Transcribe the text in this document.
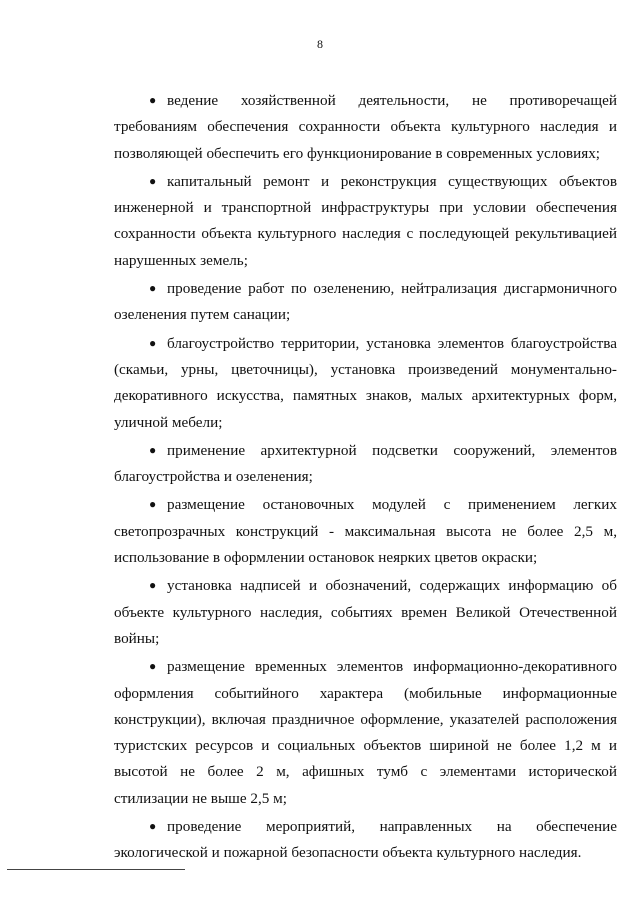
8

● ведение хозяйственной деятельности, не противоречащей требованиям обеспечения сохранности объекта культурного наследия и позволяющей обеспечить его функционирование в современных условиях;

● капитальный ремонт и реконструкция существующих объектов инженерной и транспортной инфраструктуры при условии обеспечения сохранности объекта культурного наследия с последующей рекультивацией нарушенных земель;

● проведение работ по озеленению, нейтрализация дисгармоничного озеленения путем санации;

● благоустройство территории, установка элементов благоустройства (скамьи, урны, цветочницы), установка произведений монументально-декоративного искусства, памятных знаков, малых архитектурных форм, уличной мебели;

● применение архитектурной подсветки сооружений, элементов благоустройства и озеленения;

● размещение остановочных модулей с применением легких светопрозрачных конструкций - максимальная высота не более 2,5 м, использование в оформлении остановок неярких цветов окраски;

● установка надписей и обозначений, содержащих информацию об объекте культурного наследия, событиях времен Великой Отечественной войны;

● размещение временных элементов информационно-декоративного оформления событийного характера (мобильные информационные конструкции), включая праздничное оформление, указателей расположения туристских ресурсов и социальных объектов шириной не более 1,2 м и высотой не более 2 м, афишных тумб с элементами исторической стилизации не выше 2,5 м;

● проведение мероприятий, направленных на обеспечение экологической и пожарной безопасности объекта культурного наследия.
